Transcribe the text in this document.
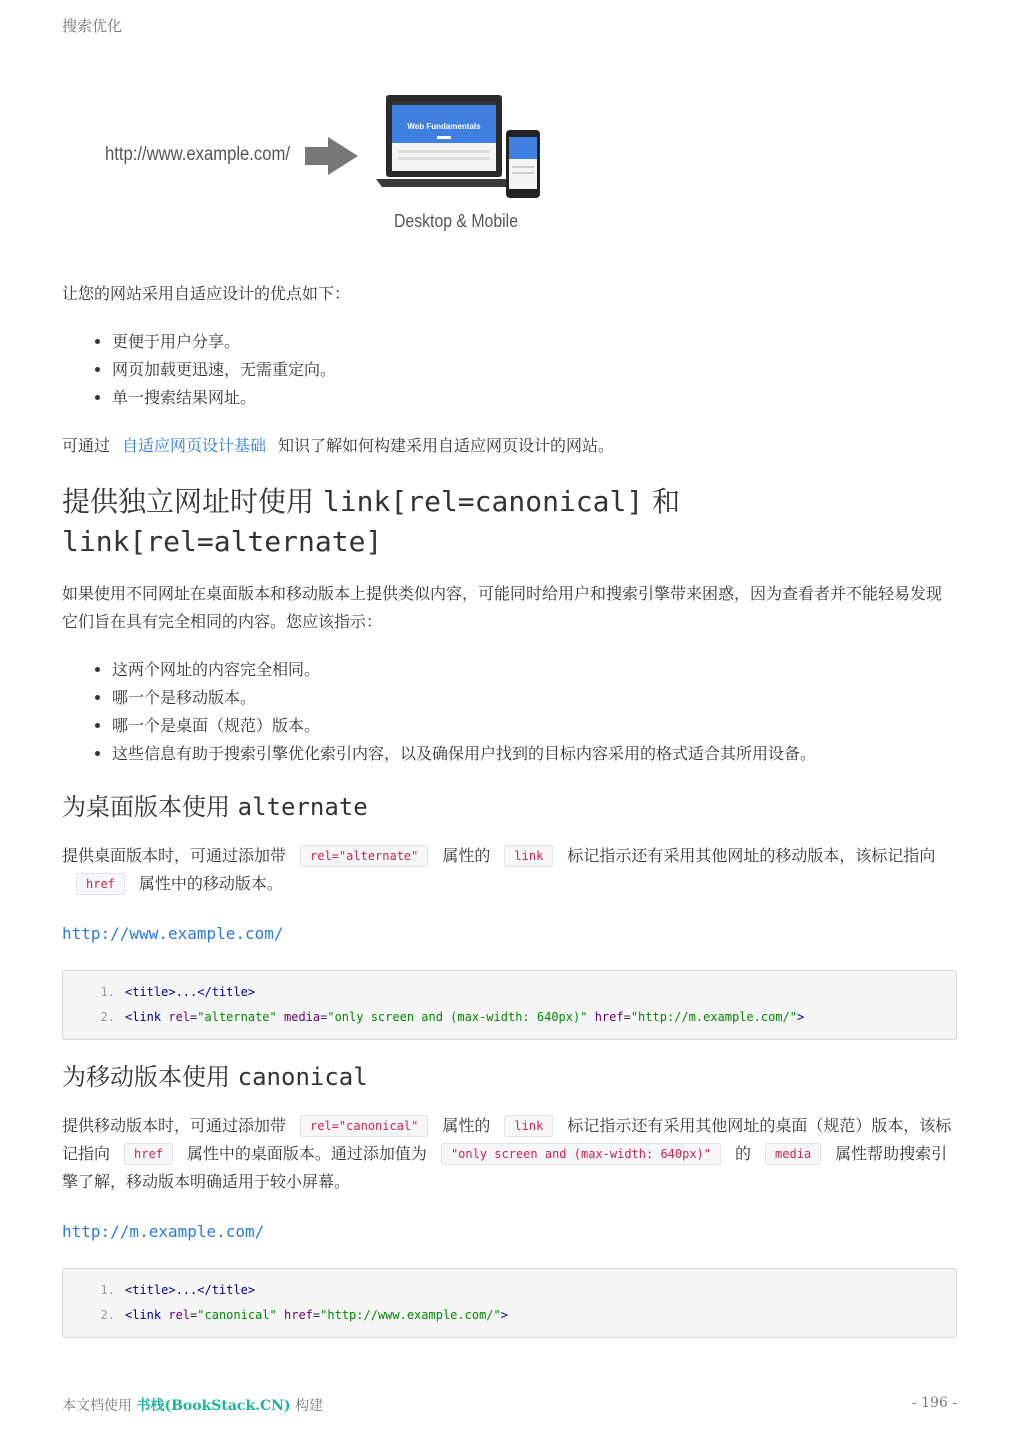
搜索优化
http://www.example.com/
Web Fundamentals
Desktop & Mobile

让您的网站采用自适应设计的优点如下：

• 更便于用户分享。
• 网页加载更迅速，无需重定向。
• 单一搜索结果网址。

可通过 自适应网页设计基础 知识了解如何构建采用自适应网页设计的网站。

提供独立网址时使用 link[rel=canonical] 和
link[rel=alternate]

如果使用不同网址在桌面版本和移动版本上提供类似内容，可能同时给用户和搜索引擎带来困惑，因为查看者并不能轻易发现它们旨在具有完全相同的内容。您应该指示：

• 这两个网址的内容完全相同。
• 哪一个是移动版本。
• 哪一个是桌面（规范）版本。
• 这些信息有助于搜索引擎优化索引内容，以及确保用户找到的目标内容采用的格式适合其所用设备。
为桌面版本使用 alternate

提供桌面版本时，可通过添加带 rel="alternate" 属性的 link 标记指示还有采用其他网址的移动版本，该标记指向href 属性中的移动版本。

http://www.example.com/
1. <title>...</title>
2. <link rel="alternate" media="only screen and (max-width: 640px)" href="http://m.example.com/">
为移动版本使用 canonical

提供移动版本时，可通过添加带 rel="canonical" 属性的 link 标记指示还有采用其他网址的桌面（规范）版本，该标记指向 href 属性中的桌面版本。通过添加值为 "only screen and (max-width: 640px)" 的 media 属性帮助搜索引擎了解，移动版本明确适用于较小屏幕。

http://m.example.com/
1. <title>...</title>
2. <link rel="canonical" href="http://www.example.com/">
本文档使用 书栈(BookStack.CN) 构建	- 196 -
